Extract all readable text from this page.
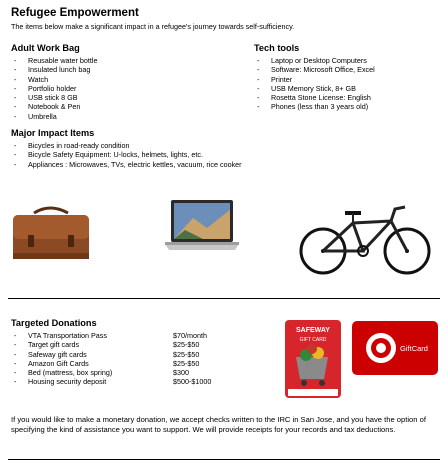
Refugee Empowerment
The items below make a significant impact in a refugee's journey towards self-sufficiency.
Adult Work Bag
- Reusable water bottle
- Insulated lunch bag
- Watch
- Portfolio holder
- USB stick 8 GB
- Notebook & Pen
- Umbrella
Tech tools
- Laptop or Desktop Computers
- Software: Microsoft Office, Excel
- Printer
- USB Memory Stick, 8+ GB
- Rosetta Stone License: English
- Phones (less than 3 years old)
Major Impact Items
- Bicycles in road-ready condition
- Bicycle Safety Equipment: U-locks, helmets, lights, etc.
- Appliances : Microwaves, TVs, electric kettles, vacuum, rice cooker
Targeted Donations
- VTA Transportation Pass	$70/month
- Target gift cards	$25-$50
- Safeway gift cards	$25-$50
- Amazon Gift Cards	$25-$50
- Bed (mattress, box spring)	$300
- Housing security deposit	$500-$1000
SAFEWAY
GIFT CARD
GiftCard
If you would like to make a monetary donation, we accept checks written to the IRC in San Jose, and you have the option of specifying the kind of assistance you want to support. We will provide receipts for your records and tax deductions.
